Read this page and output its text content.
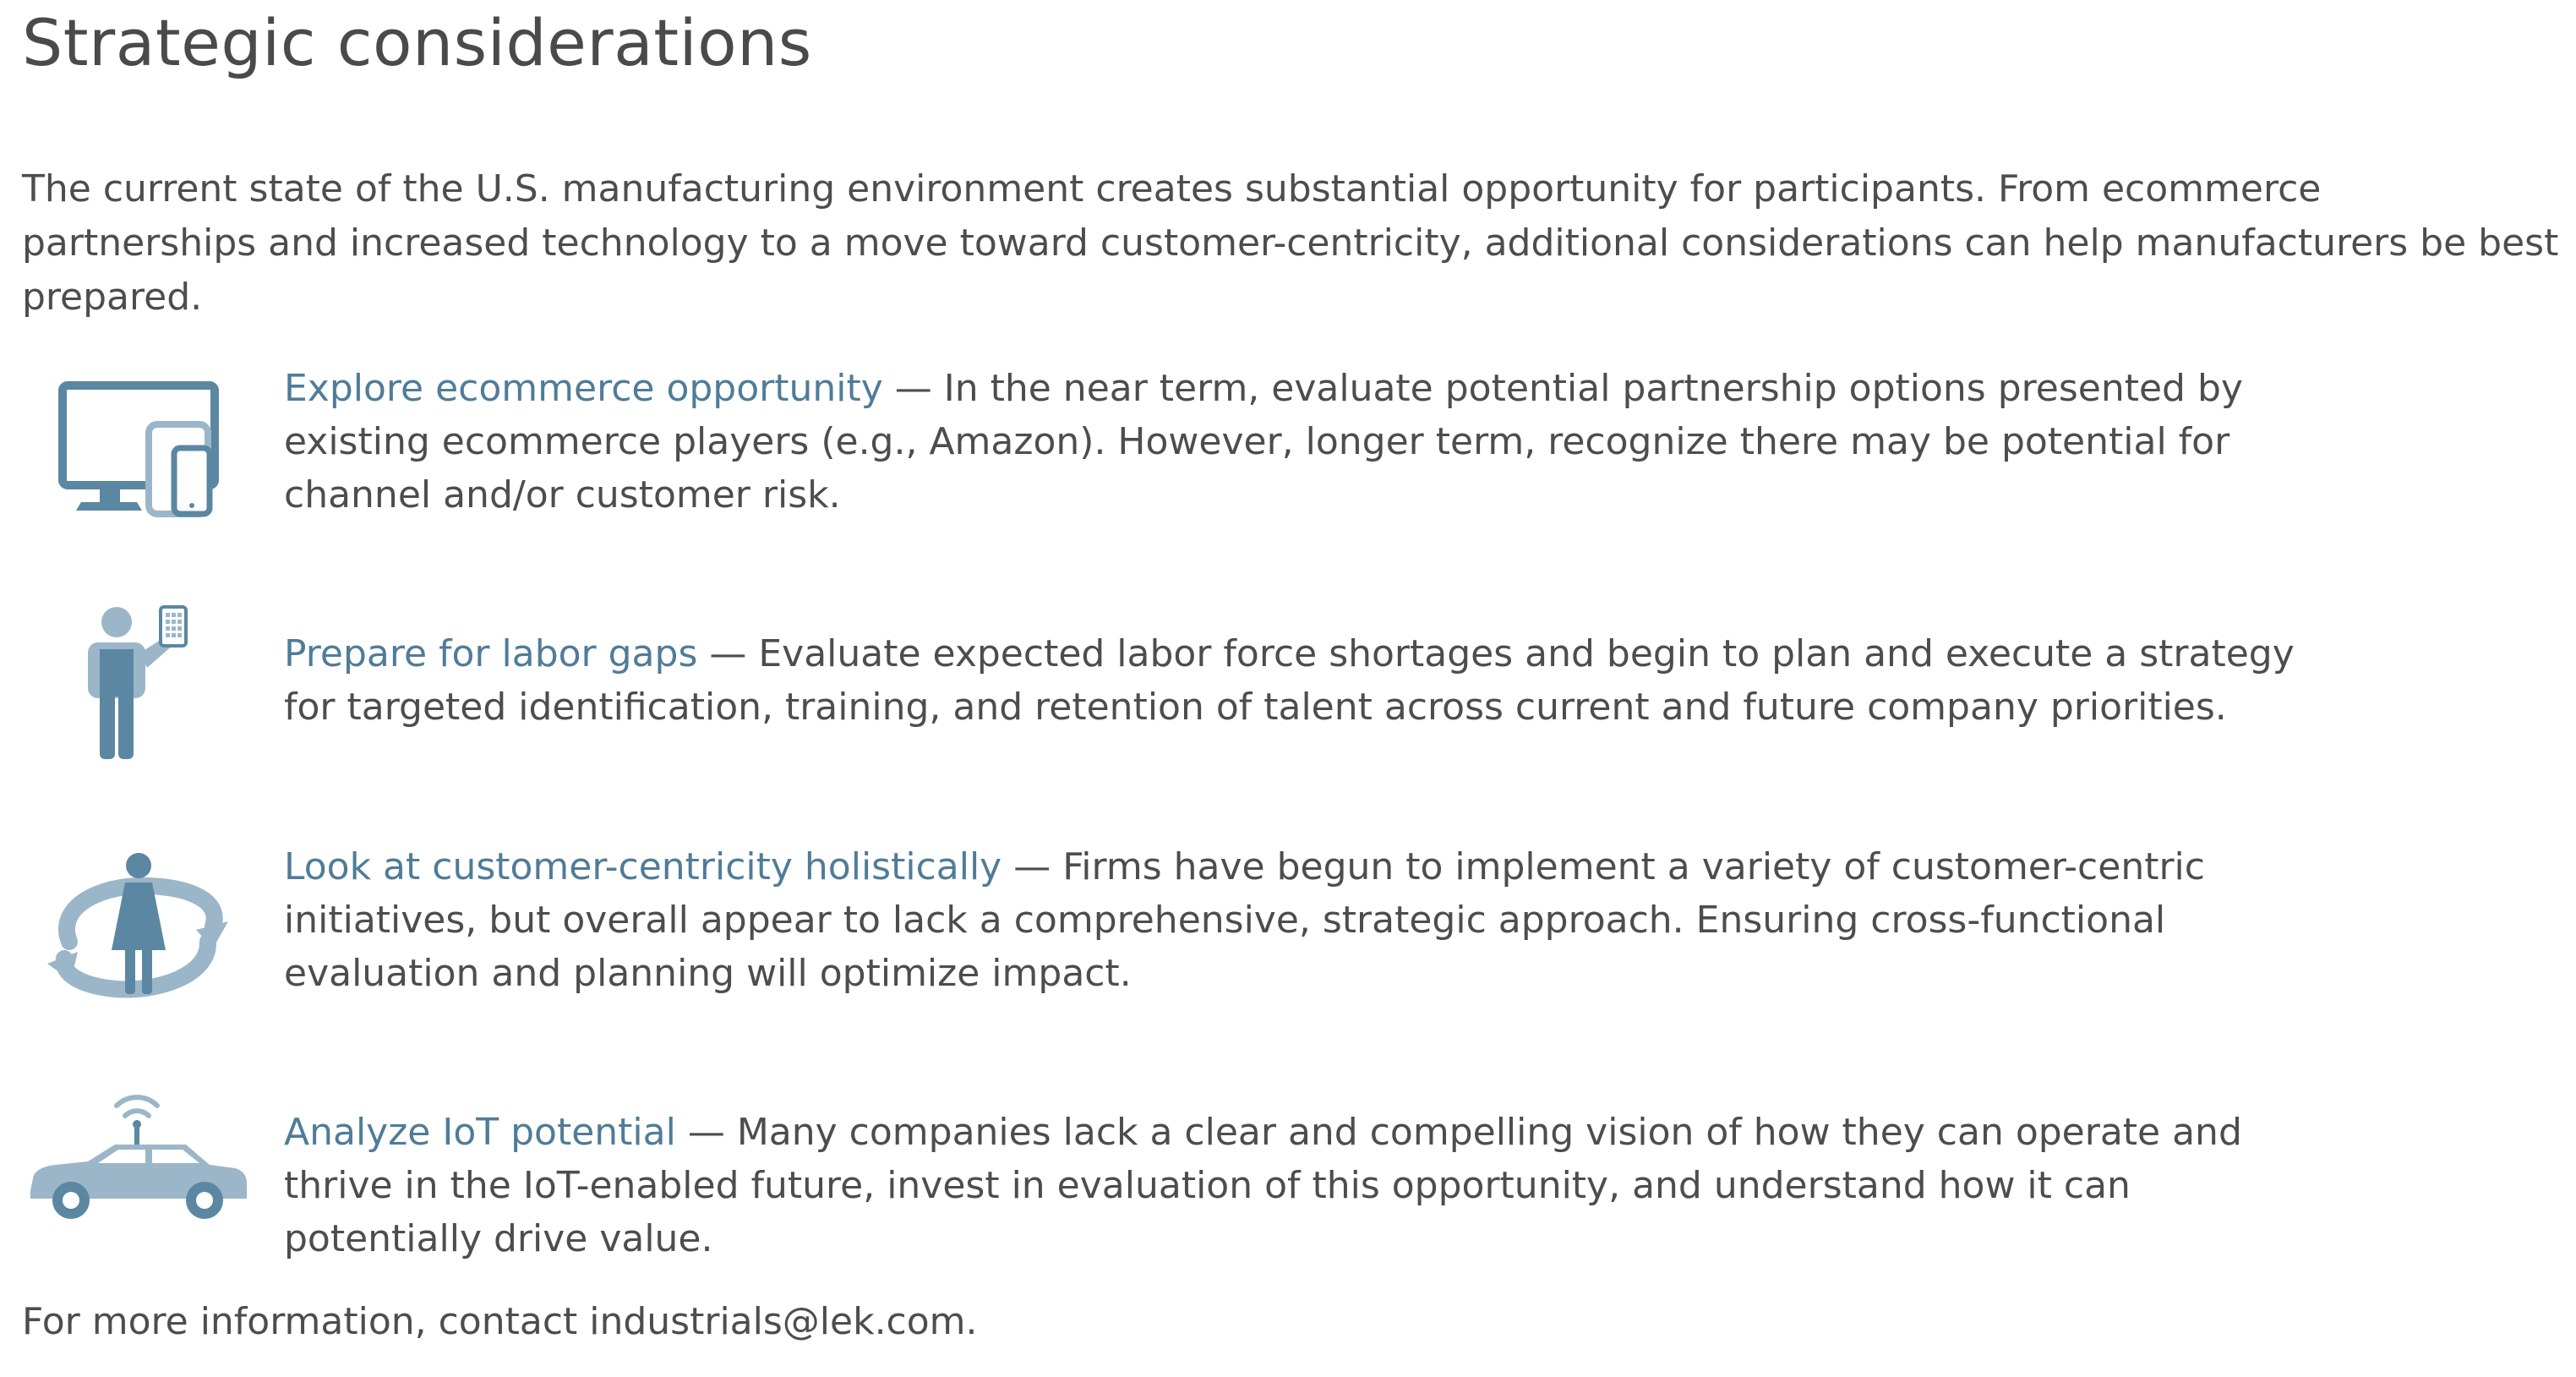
Strategic considerations

The current state of the U.S. manufacturing environment creates substantial opportunity for participants. From ecommerce partnerships and increased technology to a move toward customer-centricity, additional considerations can help manufacturers be best prepared.

Explore ecommerce opportunity — In the near term, evaluate potential partnership options presented by existing ecommerce players (e.g., Amazon). However, longer term, recognize there may be potential for channel and/or customer risk.

Prepare for labor gaps — Evaluate expected labor force shortages and begin to plan and execute a strategy for targeted identification, training, and retention of talent across current and future company priorities.

Look at customer-centricity holistically — Firms have begun to implement a variety of customer-centric initiatives, but overall appear to lack a comprehensive, strategic approach. Ensuring cross-functional evaluation and planning will optimize impact.

Analyze IoT potential — Many companies lack a clear and compelling vision of how they can operate and thrive in the IoT-enabled future, invest in evaluation of this opportunity, and understand how it can potentially drive value.

For more information, contact industrials@lek.com.
